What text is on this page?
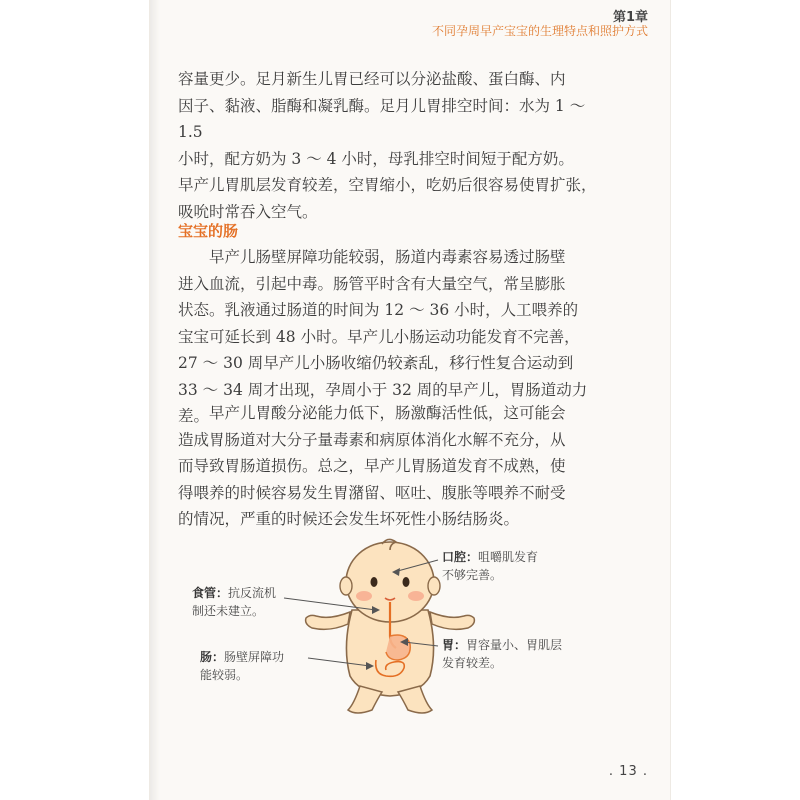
第1章
不同孕周早产宝宝的生理特点和照护方式

容量更少。足月新生儿胃已经可以分泌盐酸、蛋白酶、内

因子、黏液、脂酶和凝乳酶。足月儿胃排空时间：水为 1 ～ 1.5

小时，配方奶为 3 ～ 4 小时，母乳排空时间短于配方奶。

早产儿胃肌层发育较差，空胃缩小，吃奶后很容易使胃扩张，

吸吮时常吞入空气。

宝宝的肠

早产儿肠壁屏障功能较弱，肠道内毒素容易透过肠壁

进入血流，引起中毒。肠管平时含有大量空气，常呈膨胀

状态。乳液通过肠道的时间为 12 ～ 36 小时，人工喂养的

宝宝可延长到 48 小时。早产儿小肠运动功能发育不完善，

27 ～ 30 周早产儿小肠收缩仍较紊乱，移行性复合运动到

33 ～ 34 周才出现，孕周小于 32 周的早产儿，胃肠道动力差。 早产儿胃酸分泌能力低下，肠激酶活性低，这可能会

造成胃肠道对大分子量毒素和病原体消化水解不充分，从

而导致胃肠道损伤。总之，早产儿胃肠道发育不成熟，使

得喂养的时候容易发生胃潴留、呕吐、腹胀等喂养不耐受

的情况，严重的时候还会发生坏死性小肠结肠炎。

口腔：咀嚼肌发育
不够完善。
食管：抗反流机
制还未建立。
胃：胃容量小、胃肌层
发育较差。
肠：肠壁屏障功
能较弱。
. 13 .
